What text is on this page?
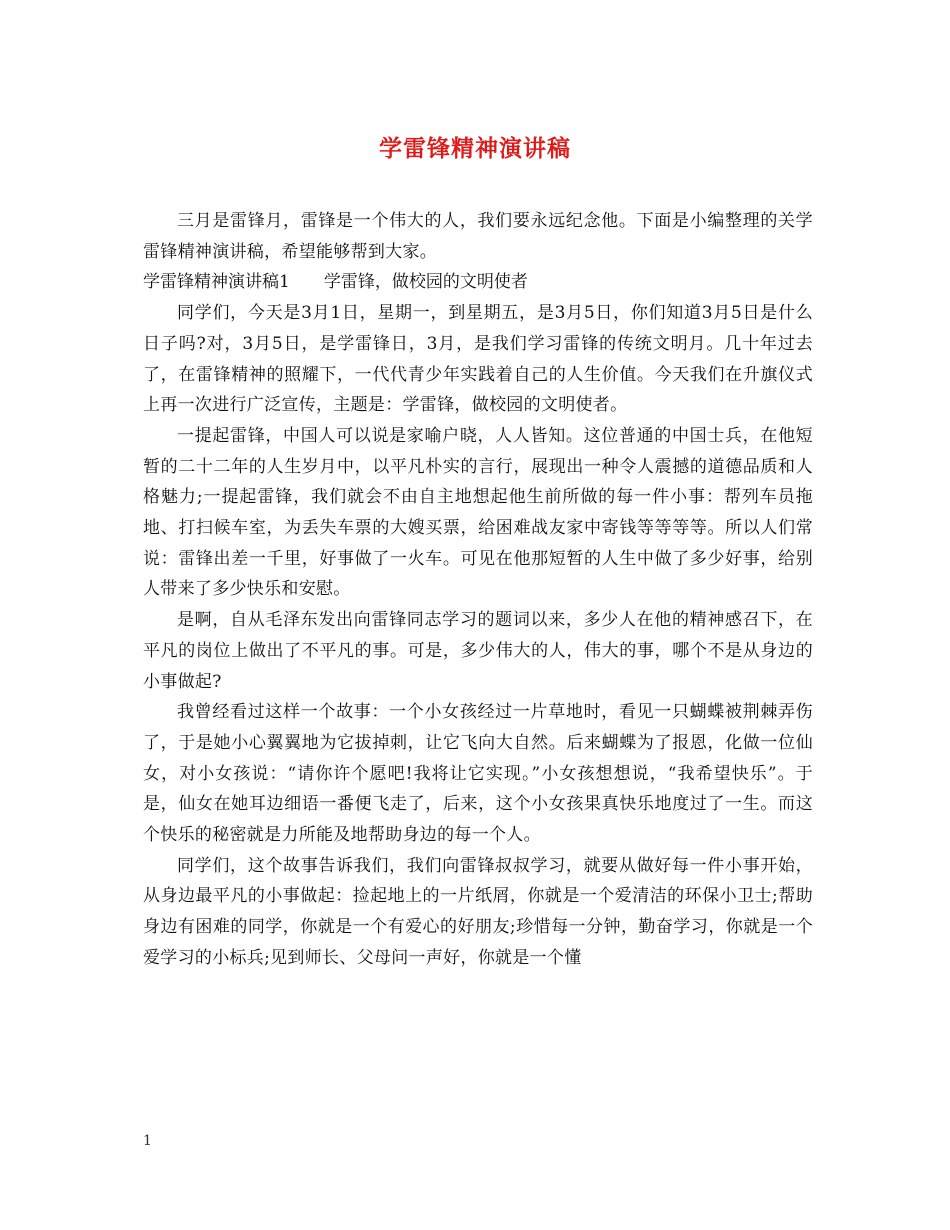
学雷锋精神演讲稿

三月是雷锋月，雷锋是一个伟大的人，我们要永远纪念他。下面是小编整理的关学雷锋精神演讲稿，希望能够帮到大家。

学雷锋精神演讲稿1　　学雷锋，做校园的文明使者

同学们，今天是3月1日，星期一，到星期五，是3月5日，你们知道3月5日是什么日子吗?对，3月5日，是学雷锋日，3月，是我们学习雷锋的传统文明月。几十年过去了，在雷锋精神的照耀下，一代代青少年实践着自己的人生价值。今天我们在升旗仪式上再一次进行广泛宣传，主题是：学雷锋，做校园的文明使者。

一提起雷锋，中国人可以说是家喻户晓，人人皆知。这位普通的中国士兵，在他短暂的二十二年的人生岁月中，以平凡朴实的言行，展现出一种令人震撼的道德品质和人格魅力;一提起雷锋，我们就会不由自主地想起他生前所做的每一件小事：帮列车员拖地、打扫候车室，为丢失车票的大嫂买票，给困难战友家中寄钱等等等等。所以人们常说：雷锋出差一千里，好事做了一火车。可见在他那短暂的人生中做了多少好事，给别人带来了多少快乐和安慰。

是啊，自从毛泽东发出向雷锋同志学习的题词以来，多少人在他的精神感召下，在平凡的岗位上做出了不平凡的事。可是，多少伟大的人，伟大的事，哪个不是从身边的小事做起?

我曾经看过这样一个故事：一个小女孩经过一片草地时，看见一只蝴蝶被荆棘弄伤了，于是她小心翼翼地为它拔掉刺，让它飞向大自然。后来蝴蝶为了报恩，化做一位仙女，对小女孩说：“请你许个愿吧!我将让它实现。”小女孩想想说，“我希望快乐”。于是，仙女在她耳边细语一番便飞走了，后来，这个小女孩果真快乐地度过了一生。而这个快乐的秘密就是力所能及地帮助身边的每一个人。

同学们，这个故事告诉我们，我们向雷锋叔叔学习，就要从做好每一件小事开始，从身边最平凡的小事做起：捡起地上的一片纸屑，你就是一个爱清洁的环保小卫士;帮助身边有困难的同学，你就是一个有爱心的好朋友;珍惜每一分钟，勤奋学习，你就是一个爱学习的小标兵;见到师长、父母问一声好，你就是一个懂

1
